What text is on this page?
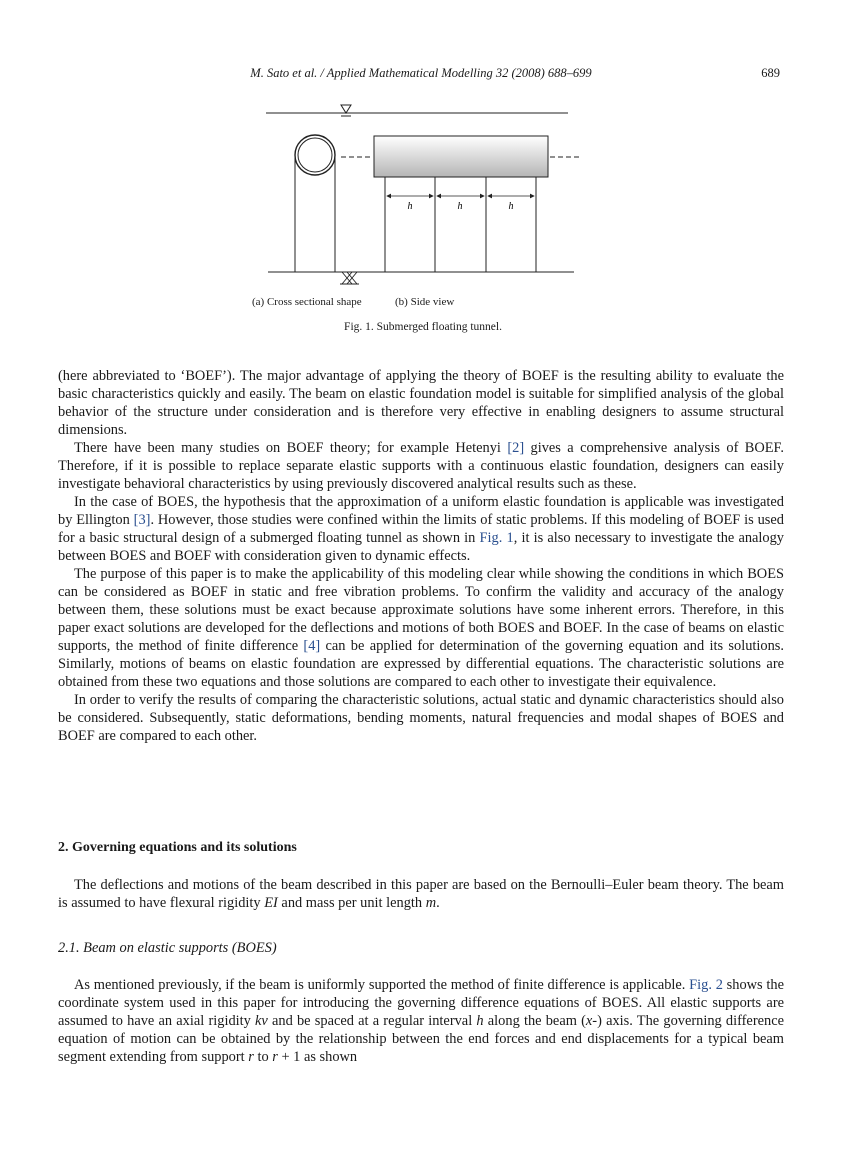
M. Sato et al. / Applied Mathematical Modelling 32 (2008) 688–699	689
h	h	h
(a) Cross sectional shape	(b) Side view
Fig. 1. Submerged floating tunnel.

(here abbreviated to ‘BOEF’). The major advantage of applying the theory of BOEF is the resulting ability to evaluate the basic characteristics quickly and easily. The beam on elastic foundation model is suitable for simplified analysis of the global behavior of the structure under consideration and is therefore very effective in enabling designers to assume structural dimensions.

There have been many studies on BOEF theory; for example Hetenyi [2] gives a comprehensive analysis of BOEF. Therefore, if it is possible to replace separate elastic supports with a continuous elastic foundation, designers can easily investigate behavioral characteristics by using previously discovered analytical results such as these.

In the case of BOES, the hypothesis that the approximation of a uniform elastic foundation is applicable was investigated by Ellington [3]. However, those studies were confined within the limits of static problems. If this modeling of BOEF is used for a basic structural design of a submerged floating tunnel as shown in Fig. 1, it is also necessary to investigate the analogy between BOES and BOEF with consideration given to dynamic effects.

The purpose of this paper is to make the applicability of this modeling clear while showing the conditions in which BOES can be considered as BOEF in static and free vibration problems. To confirm the validity and accuracy of the analogy between them, these solutions must be exact because approximate solutions have some inherent errors. Therefore, in this paper exact solutions are developed for the deflections and motions of both BOES and BOEF. In the case of beams on elastic supports, the method of finite difference [4] can be applied for determination of the governing equation and its solutions. Similarly, motions of beams on elastic foundation are expressed by differential equations. The characteristic solutions are obtained from these two equations and those solutions are compared to each other to investigate their equivalence.

In order to verify the results of comparing the characteristic solutions, actual static and dynamic characteristics should also be considered. Subsequently, static deformations, bending moments, natural frequencies and modal shapes of BOES and BOEF are compared to each other.

2. Governing equations and its solutions

The deflections and motions of the beam described in this paper are based on the Bernoulli–Euler beam theory. The beam is assumed to have flexural rigidity EI and mass per unit length m.

2.1. Beam on elastic supports (BOES)

As mentioned previously, if the beam is uniformly supported the method of finite difference is applicable. Fig. 2 shows the coordinate system used in this paper for introducing the governing difference equations of BOES. All elastic supports are assumed to have an axial rigidity kv and be spaced at a regular interval h along the beam (x-) axis. The governing difference equation of motion can be obtained by the relationship between the end forces and end displacements for a typical beam segment extending from support r to r + 1 as shown
